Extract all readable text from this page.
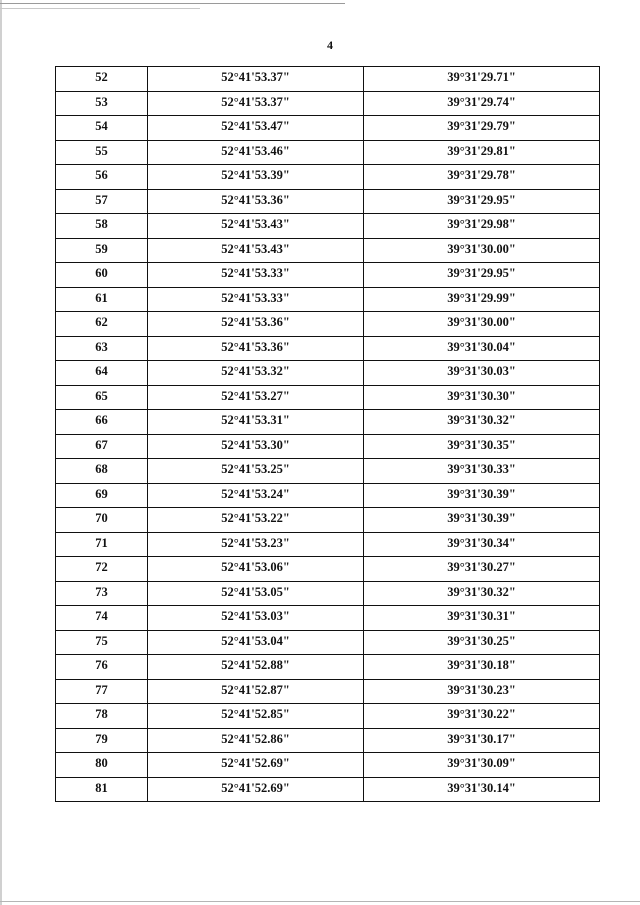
4
52	52°41'53.37"	39°31'29.71"
53	52°41'53.37"	39°31'29.74"
54	52°41'53.47"	39°31'29.79"
55	52°41'53.46"	39°31'29.81"
56	52°41'53.39"	39°31'29.78"
57	52°41'53.36"	39°31'29.95"
58	52°41'53.43"	39°31'29.98"
59	52°41'53.43"	39°31'30.00"
60	52°41'53.33"	39°31'29.95"
61	52°41'53.33"	39°31'29.99"
62	52°41'53.36"	39°31'30.00"
63	52°41'53.36"	39°31'30.04"
64	52°41'53.32"	39°31'30.03"
65	52°41'53.27"	39°31'30.30"
66	52°41'53.31"	39°31'30.32"
67	52°41'53.30"	39°31'30.35"
68	52°41'53.25"	39°31'30.33"
69	52°41'53.24"	39°31'30.39"
70	52°41'53.22"	39°31'30.39"
71	52°41'53.23"	39°31'30.34"
72	52°41'53.06"	39°31'30.27"
73	52°41'53.05"	39°31'30.32"
74	52°41'53.03"	39°31'30.31"
75	52°41'53.04"	39°31'30.25"
76	52°41'52.88"	39°31'30.18"
77	52°41'52.87"	39°31'30.23"
78	52°41'52.85"	39°31'30.22"
79	52°41'52.86"	39°31'30.17"
80	52°41'52.69"	39°31'30.09"
81	52°41'52.69"	39°31'30.14"
